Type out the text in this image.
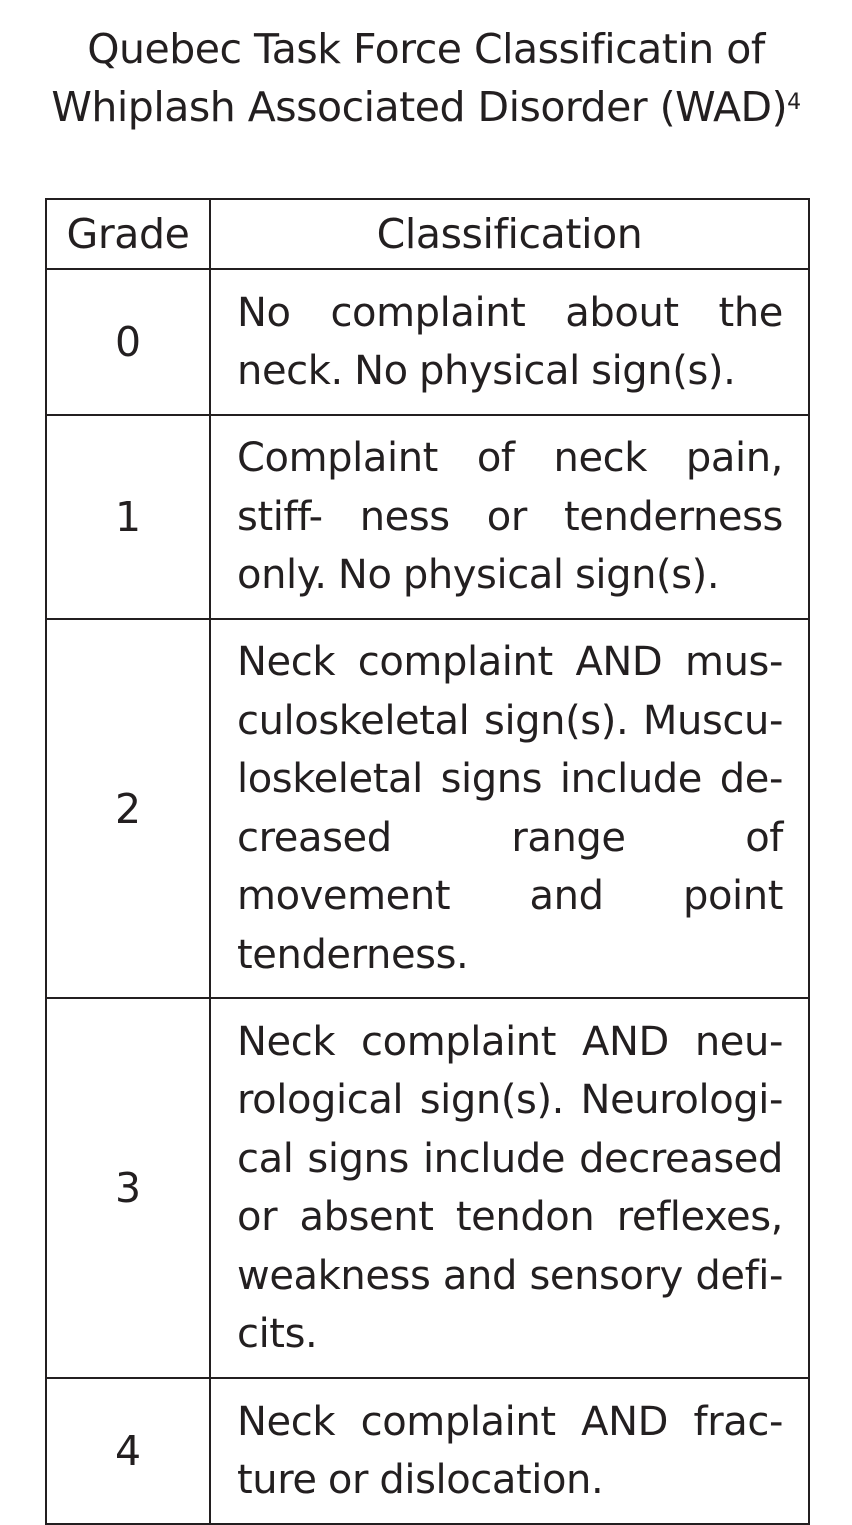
Quebec Task Force Classificatin of
Whiplash Associated Disorder (WAD)$^4$
Grade	Classification
0	No complaint about the neck. No physical sign(s).
1	Complaint of neck pain, stiff- ness or tenderness only. No physical sign(s).
2	Neck complaint AND mus- culoskeletal sign(s). Muscu- loskeletal signs include de- creased range of movement and point tenderness.
3	Neck complaint AND neu- rological sign(s). Neurologi- cal signs include decreased or absent tendon reflexes, weakness and sensory defi- cits.
4	Neck complaint AND frac- ture or dislocation.
